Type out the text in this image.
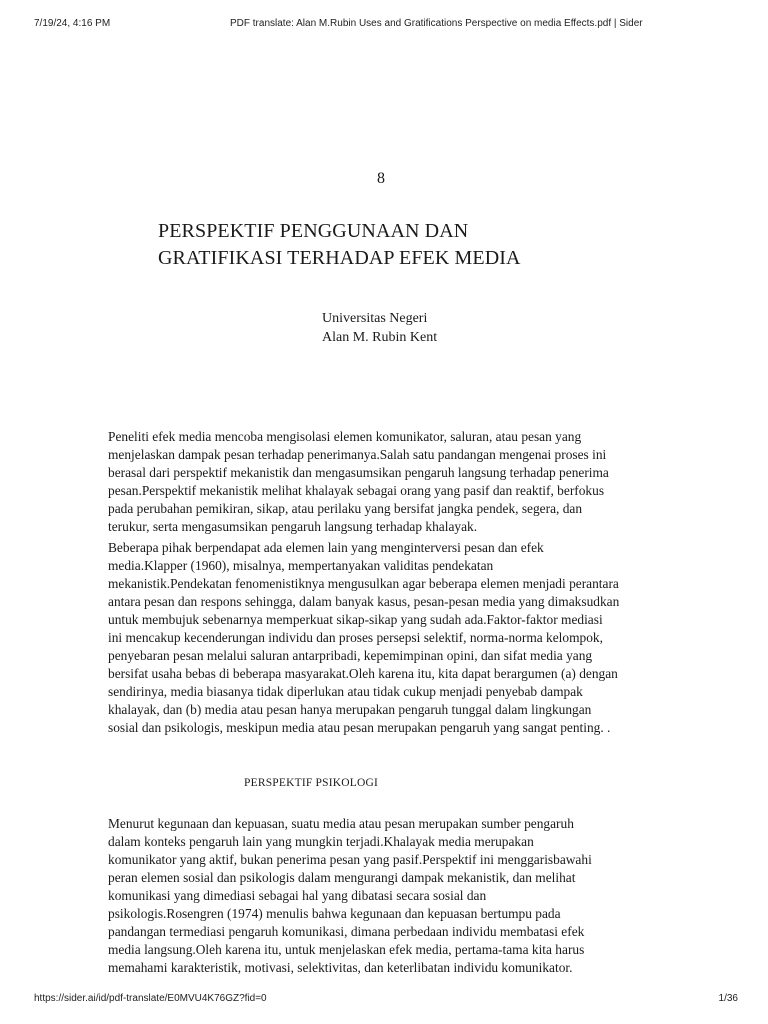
7/19/24, 4:16 PM	PDF translate: Alan M.Rubin Uses and Gratifications Perspective on media Effects.pdf | Sider
8
PERSPEKTIF PENGGUNAAN DAN
GRATIFIKASI TERHADAP EFEK MEDIA
Universitas Negeri
Alan M. Rubin Kent

Peneliti efek media mencoba mengisolasi elemen komunikator, saluran, atau pesan yang
menjelaskan dampak pesan terhadap penerimanya.Salah satu pandangan mengenai proses ini
berasal dari perspektif mekanistik dan mengasumsikan pengaruh langsung terhadap penerima
pesan.Perspektif mekanistik melihat khalayak sebagai orang yang pasif dan reaktif, berfokus
pada perubahan pemikiran, sikap, atau perilaku yang bersifat jangka pendek, segera, dan
terukur, serta mengasumsikan pengaruh langsung terhadap khalayak.

Beberapa pihak berpendapat ada elemen lain yang menginterversi pesan dan efek
media.Klapper (1960), misalnya, mempertanyakan validitas pendekatan
mekanistik.Pendekatan fenomenistiknya mengusulkan agar beberapa elemen menjadi perantara
antara pesan dan respons sehingga, dalam banyak kasus, pesan-pesan media yang dimaksudkan
untuk membujuk sebenarnya memperkuat sikap-sikap yang sudah ada.Faktor-faktor mediasi
ini mencakup kecenderungan individu dan proses persepsi selektif, norma-norma kelompok,
penyebaran pesan melalui saluran antarpribadi, kepemimpinan opini, dan sifat media yang
bersifat usaha bebas di beberapa masyarakat.Oleh karena itu, kita dapat berargumen (a) dengan
sendirinya, media biasanya tidak diperlukan atau tidak cukup menjadi penyebab dampak
khalayak, dan (b) media atau pesan hanya merupakan pengaruh tunggal dalam lingkungan
sosial dan psikologis, meskipun media atau pesan merupakan pengaruh yang sangat penting. .

PERSPEKTIF PSIKOLOGI

Menurut kegunaan dan kepuasan, suatu media atau pesan merupakan sumber pengaruh
dalam konteks pengaruh lain yang mungkin terjadi.Khalayak media merupakan
komunikator yang aktif, bukan penerima pesan yang pasif.Perspektif ini menggarisbawahi
peran elemen sosial dan psikologis dalam mengurangi dampak mekanistik, dan melihat
komunikasi yang dimediasi sebagai hal yang dibatasi secara sosial dan
psikologis.Rosengren (1974) menulis bahwa kegunaan dan kepuasan bertumpu pada
pandangan termediasi pengaruh komunikasi, dimana perbedaan individu membatasi efek
media langsung.Oleh karena itu, untuk menjelaskan efek media, pertama-tama kita harus
memahami karakteristik, motivasi, selektivitas, dan keterlibatan individu komunikator.

https://sider.ai/id/pdf-translate/E0MVU4K76GZ?fid=0	1/36
